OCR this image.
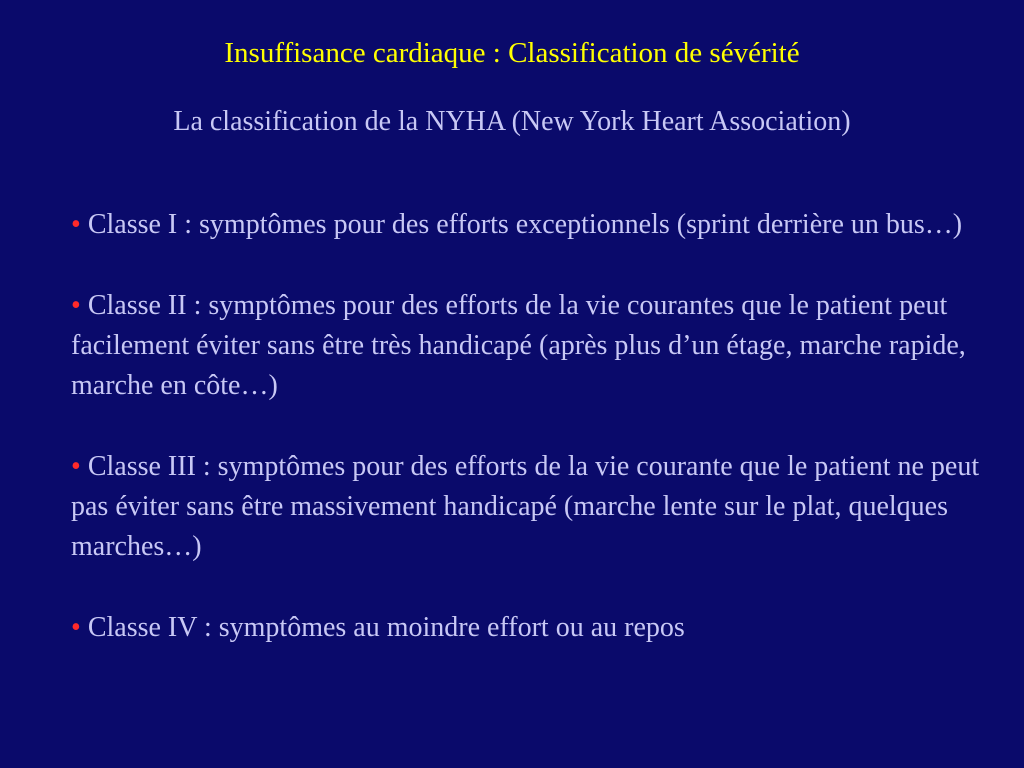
Insuffisance cardiaque : Classification de sévérité
La classification de la NYHA (New York Heart Association)
• Classe I : symptômes pour des efforts exceptionnels (sprint derrière un bus…)
• Classe II : symptômes pour des efforts de la vie courantes que le patient peut facilement éviter sans être très handicapé (après plus d’un étage, marche rapide, marche en côte…)
• Classe III : symptômes pour des efforts de la vie courante que le patient ne peut pas éviter sans être massivement handicapé (marche lente sur le plat, quelques marches…)
• Classe IV : symptômes au moindre effort ou au repos
